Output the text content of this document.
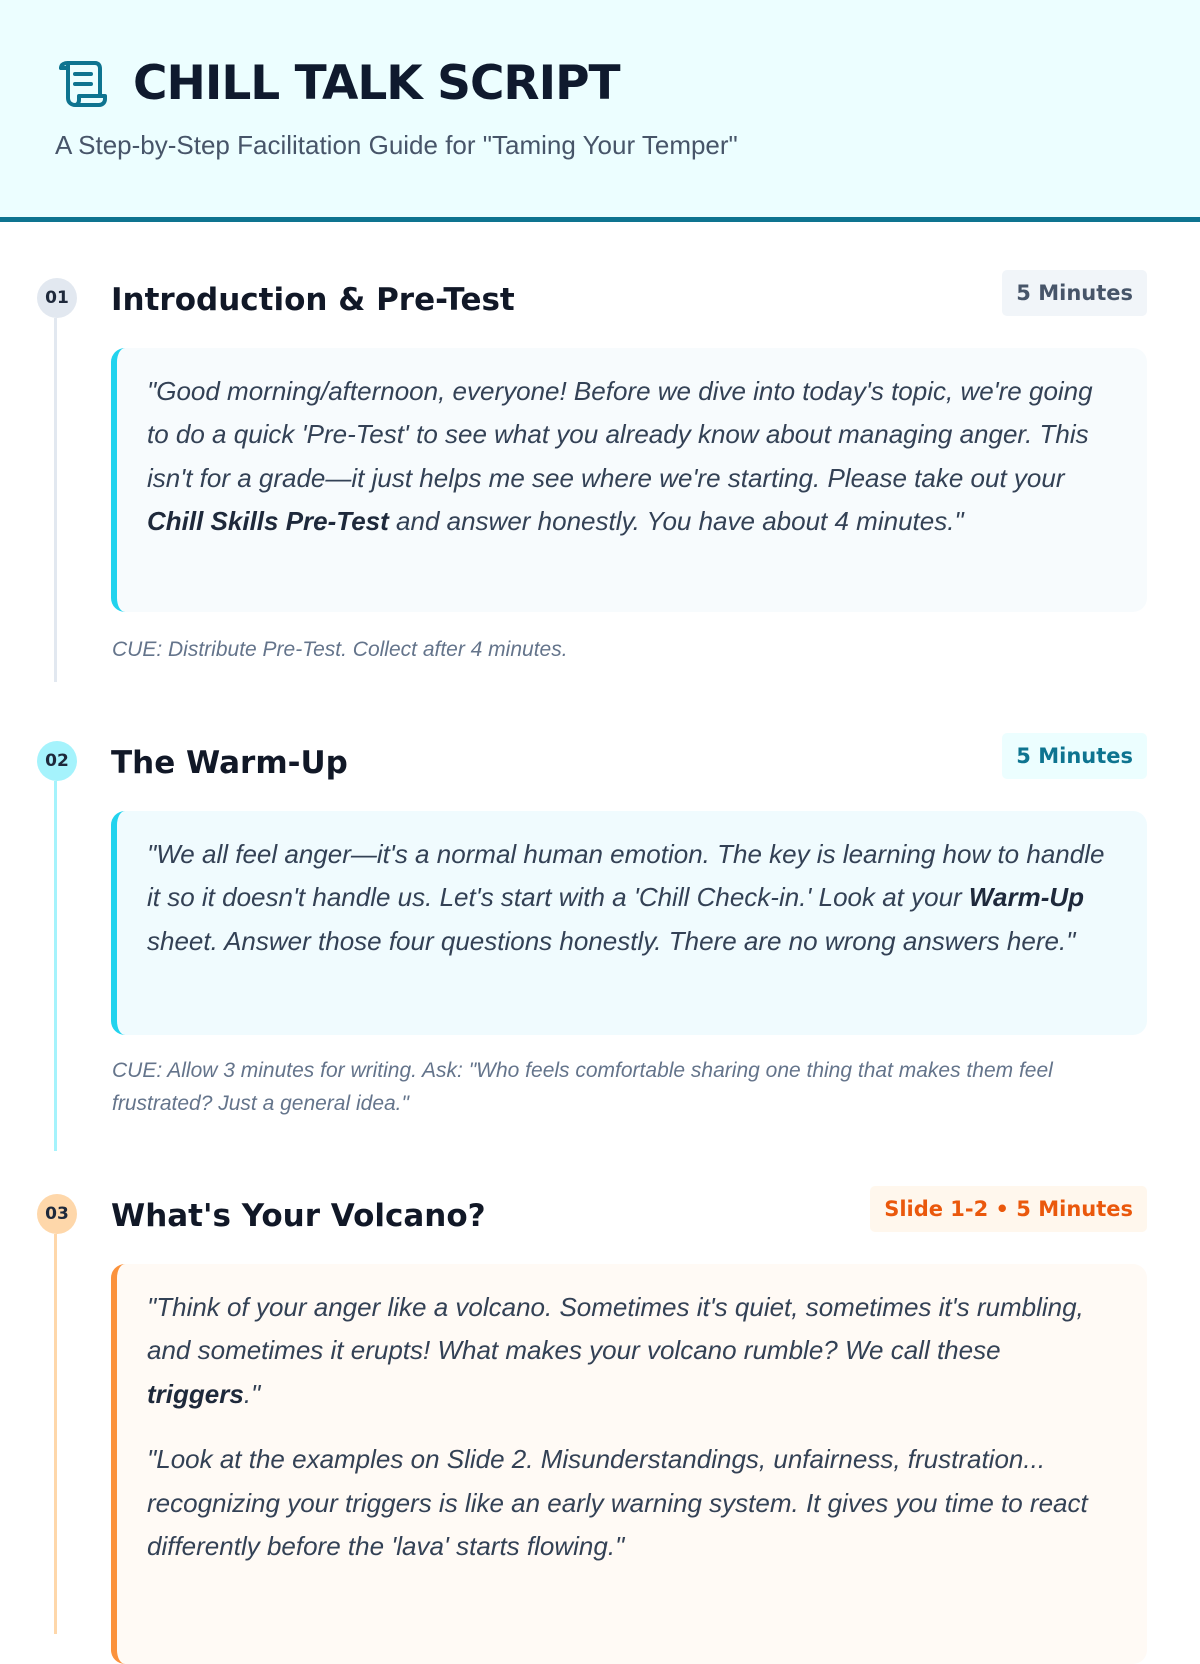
CHILL TALK SCRIPT
A Step-by-Step Facilitation Guide for "Taming Your Temper"
01 Introduction & Pre-Test	5 Minutes

"Good morning/afternoon, everyone! Before we dive into today's topic, we're going to do a quick 'Pre-Test' to see what you already know about managing anger. This isn't for a grade—it just helps me see where we're starting. Please take out your Chill Skills Pre-Test and answer honestly. You have about 4 minutes."

CUE: Distribute Pre-Test. Collect after 4 minutes.
02 The Warm-Up	5 Minutes

"We all feel anger—it's a normal human emotion. The key is learning how to handle it so it doesn't handle us. Let's start with a 'Chill Check-in.' Look at your Warm-Up sheet. Answer those four questions honestly. There are no wrong answers here."

CUE: Allow 3 minutes for writing. Ask: "Who feels comfortable sharing one thing that makes them feel frustrated? Just a general idea."
03 What's Your Volcano?	Slide 1-2 • 5 Minutes

"Think of your anger like a volcano. Sometimes it's quiet, sometimes it's rumbling, and sometimes it erupts! What makes your volcano rumble? We call these triggers."

"Look at the examples on Slide 2. Misunderstandings, unfairness, frustration... recognizing your triggers is like an early warning system. It gives you time to react differently before the 'lava' starts flowing."
